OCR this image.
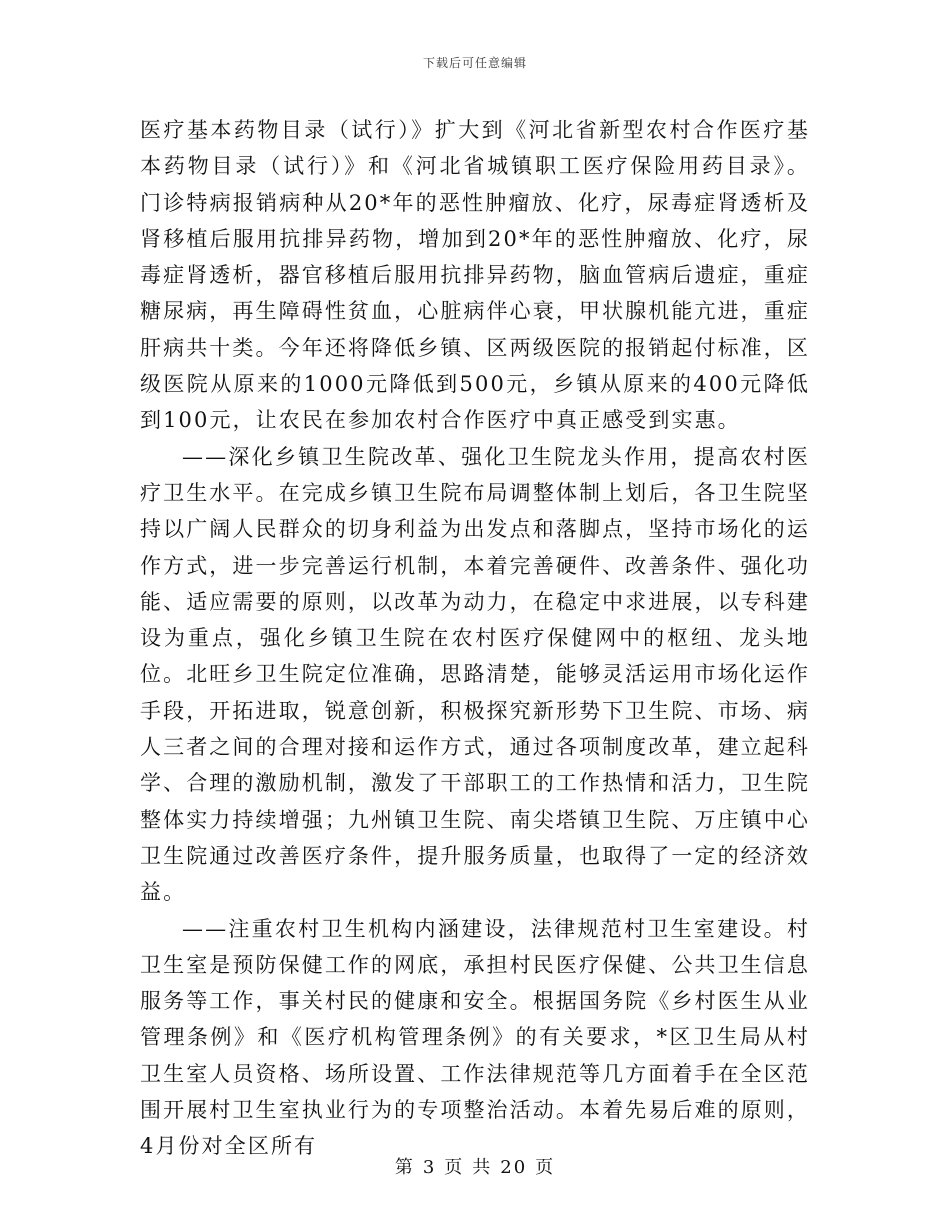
下载后可任意编辑

医疗基本药物目录（试行）》扩大到《河北省新型农村合作医疗基本药物目录（试行）》和《河北省城镇职工医疗保险用药目录》。门诊特病报销病种从20*年的恶性肿瘤放、化疗，尿毒症肾透析及肾移植后服用抗排异药物，增加到20*年的恶性肿瘤放、化疗，尿毒症肾透析，器官移植后服用抗排异药物，脑血管病后遗症，重症糖尿病，再生障碍性贫血，心脏病伴心衰，甲状腺机能亢进，重症肝病共十类。今年还将降低乡镇、区两级医院的报销起付标准，区级医院从原来的1000元降低到500元，乡镇从原来的400元降低到100元，让农民在参加农村合作医疗中真正感受到实惠。

——深化乡镇卫生院改革、强化卫生院龙头作用，提高农村医疗卫生水平。在完成乡镇卫生院布局调整体制上划后，各卫生院坚持以广阔人民群众的切身利益为出发点和落脚点，坚持市场化的运作方式，进一步完善运行机制，本着完善硬件、改善条件、强化功能、适应需要的原则，以改革为动力，在稳定中求进展，以专科建设为重点，强化乡镇卫生院在农村医疗保健网中的枢纽、龙头地位。北旺乡卫生院定位准确，思路清楚，能够灵活运用市场化运作手段，开拓进取，锐意创新，积极探究新形势下卫生院、市场、病人三者之间的合理对接和运作方式，通过各项制度改革，建立起科学、合理的激励机制，激发了干部职工的工作热情和活力，卫生院整体实力持续增强；九州镇卫生院、南尖塔镇卫生院、万庄镇中心卫生院通过改善医疗条件，提升服务质量，也取得了一定的经济效益。

——注重农村卫生机构内涵建设，法律规范村卫生室建设。村卫生室是预防保健工作的网底，承担村民医疗保健、公共卫生信息服务等工作，事关村民的健康和安全。根据国务院《乡村医生从业管理条例》和《医疗机构管理条例》的有关要求，*区卫生局从村卫生室人员资格、场所设置、工作法律规范等几方面着手在全区范围开展村卫生室执业行为的专项整治活动。本着先易后难的原则，4月份对全区所有

第 3 页 共 20 页
